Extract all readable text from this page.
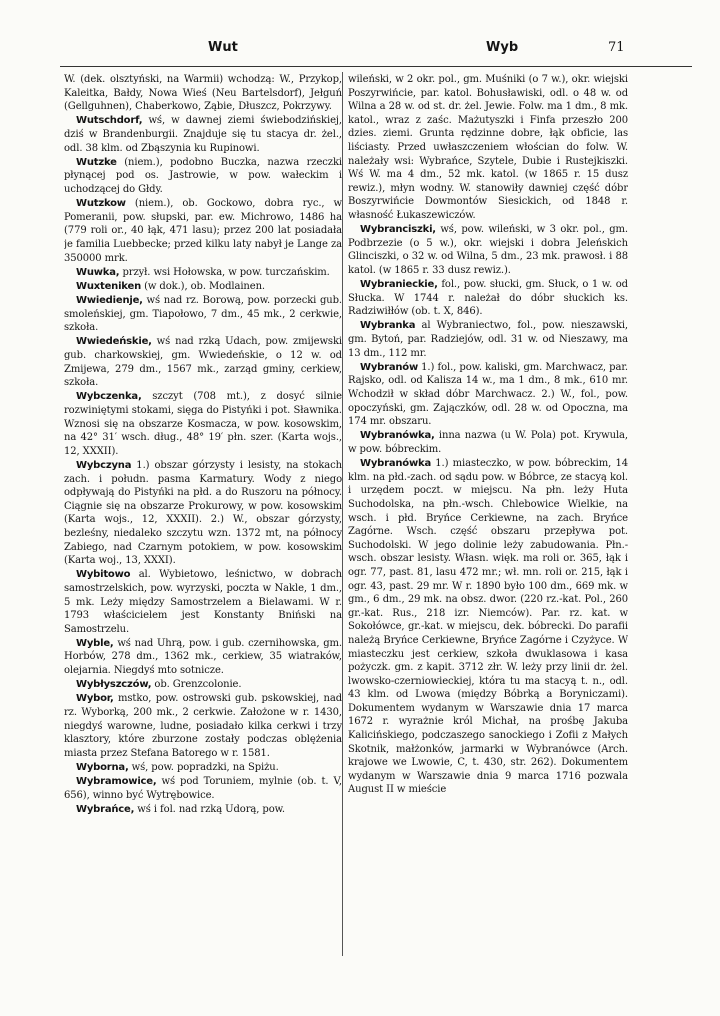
Wut	Wyb	71

W. (dek. olsztyński, na Warmii) wchodzą: W., Przykop, Kaleitka, Bałdy, Nowa Wieś (Neu Bartelsdorf), Jełguń (Gellguhnen), Chaberkowo, Ząbie, Dłuszcz, Pokrzywy.

Wutschdorf, wś, w dawnej ziemi świebodzińskiej, dziś w Brandenburgii. Znajduje się tu stacya dr. żel., odl. 38 klm. od Zbąszynia ku Rupinowi.

Wutzke (niem.), podobno Buczka, nazwa rzeczki płynącej pod os. Jastrowie, w pow. wałeckim i uchodzącej do Głdy.

Wutzkow (niem.), ob. Gockowo, dobra ryc., w Pomeranii, pow. słupski, par. ew. Michrowo, 1486 ha (779 roli or., 40 łąk, 471 lasu); przez 200 lat posiadała je familia Luebbecke; przed kilku laty nabył je Lange za 350000 mrk.

Wuwka, przył. wsi Hołowska, w pow. turczańskim.

Wuxteniken (w dok.), ob. Modlainen.

Wwiedienje, wś nad rz. Borową, pow. porzecki gub. smoleńskiej, gm. Tiapołowo, 7 dm., 45 mk., 2 cerkwie, szkoła.

Wwiedeńskie, wś nad rzką Udach, pow. zmijewski gub. charkowskiej, gm. Wwiedeńskie, o 12 w. od Zmijewa, 279 dm., 1567 mk., zarząd gminy, cerkiew, szkoła.

Wybczenka, szczyt (708 mt.), z dosyć silnie rozwiniętymi stokami, sięga do Pistyńki i pot. Sławnika. Wznosi się na obszarze Kosmacza, w pow. kosowskim, na 42° 31′ wsch. dług., 48° 19′ płn. szer. (Karta wojs., 12, XXXII).

Wybczyna 1.) obszar górzysty i lesisty, na stokach zach. i połudn. pasma Karmatury. Wody z niego odpływają do Pistyńki na płd. a do Ruszoru na północy. Ciągnie się na obszarze Prokurowy, w pow. kosowskim (Karta wojs., 12, XXXII). 2.) W., obszar górzysty, bezleśny, niedaleko szczytu wzn. 1372 mt, na północy Zabiego, nad Czarnym potokiem, w pow. kosowskim (Karta woj., 13, XXXI).

Wybitowo al. Wybietowo, leśnictwo, w dobrach samostrzelskich, pow. wyrzyski, poczta w Nakle, 1 dm., 5 mk. Leży między Samostrzelem a Bielawami. W r. 1793 właścicielem jest Konstanty Bniński na Samostrzelu.

Wyble, wś nad Uhrą, pow. i gub. czernihowska, gm. Horbów, 278 dm., 1362 mk., cerkiew, 35 wiatraków, olejarnia. Niegdyś mto sotnicze.

Wybłyszczów, ob. Grenzcolonie.

Wybor, mstko, pow. ostrowski gub. pskowskiej, nad rz. Wyborką, 200 mk., 2 cerkwie. Założone w r. 1430, niegdyś warowne, ludne, posiadało kilka cerkwi i trzy klasztory, które zburzone zostały podczas oblężenia miasta przez Stefana Batorego w r. 1581.

Wyborna, wś, pow. popradzki, na Spiżu.

Wybramowice, wś pod Toruniem, mylnie (ob. t. V, 656), winno być Wytrębowice.

Wybrańce, wś i fol. nad rzką Udorą, pow.

wileński, w 2 okr. pol., gm. Muśniki (o 7 w.), okr. wiejski Poszyrwińcie, par. katol. Bohusławiski, odl. o 48 w. od Wilna a 28 w. od st. dr. żel. Jewie. Folw. ma 1 dm., 8 mk. katol., wraz z zaśc. Mażutyszki i Finfa przeszło 200 dzies. ziemi. Grunta rędzinne dobre, łąk obficie, las liściasty. Przed uwłaszczeniem włościan do folw. W. należały wsi: Wybrańce, Szytele, Dubie i Rustejkiszki. Wś W. ma 4 dm., 52 mk. katol. (w 1865 r. 15 dusz rewiz.), młyn wodny. W. stanowiły dawniej część dóbr Boszyrwińcie Dowmontów Siesickich, od 1848 r. własność Łukaszewiczów.

Wybranciszki, wś, pow. wileński, w 3 okr. pol., gm. Podbrzezie (o 5 w.), okr. wiejski i dobra Jeleńskich Glinciszki, o 32 w. od Wilna, 5 dm., 23 mk. prawosł. i 88 katol. (w 1865 r. 33 dusz rewiz.).

Wybranieckie, fol., pow. słucki, gm. Słuck, o 1 w. od Słucka. W 1744 r. należał do dóbr słuckich ks. Radziwiłłów (ob. t. X, 846).

Wybranka al Wybraniectwo, fol., pow. nieszawski, gm. Bytoń, par. Radziejów, odl. 31 w. od Nieszawy, ma 13 dm., 112 mr.

Wybranów 1.) fol., pow. kaliski, gm. Marchwacz, par. Rajsko, odl. od Kalisza 14 w., ma 1 dm., 8 mk., 610 mr. Wchodził w skład dóbr Marchwacz. 2.) W., fol., pow. opoczyński, gm. Zajączków, odl. 28 w. od Opoczna, ma 174 mr. obszaru.

Wybranówka, inna nazwa (u W. Pola) pot. Krywula, w pow. bóbreckim.

Wybranówka 1.) miasteczko, w pow. bóbreckim, 14 klm. na płd.-zach. od sądu pow. w Bóbrce, ze stacyą kol. i urzędem poczt. w miejscu. Na płn. leży Huta Suchodolska, na płn.-wsch. Chlebowice Wielkie, na wsch. i płd. Bryńce Cerkiewne, na zach. Bryńce Zagórne. Wsch. część obszaru przepływa pot. Suchodolski. W jego dolinie leży zabudowania. Płn.-wsch. obszar lesisty. Własn. więk. ma roli or. 365, łąk i ogr. 77, past. 81, lasu 472 mr.; wł. mn. roli or. 215, łąk i ogr. 43, past. 29 mr. W r. 1890 było 100 dm., 669 mk. w gm., 6 dm., 29 mk. na obsz. dwor. (220 rz.-kat. Pol., 260 gr.-kat. Rus., 218 izr. Niemców). Par. rz. kat. w Sokołówce, gr.-kat. w miejscu, dek. bóbrecki. Do parafii należą Bryńce Cerkiewne, Bryńce Zagórne i Czyżyce. W miasteczku jest cerkiew, szkoła dwuklasowa i kasa pożyczk. gm. z kapit. 3712 złr. W. leży przy linii dr. żel. lwowsko-czerniowieckiej, która tu ma stacyą t. n., odl. 43 klm. od Lwowa (między Bóbrką a Boryniczami). Dokumentem wydanym w Warszawie dnia 17 marca 1672 r. wyrażnie król Michał, na prośbę Jakuba Kalicińskiego, podczaszego sanockiego i Zofii z Małych Skotnik, małżonków, jarmarki w Wybranówce (Arch. krajowe we Lwowie, C, t. 430, str. 262). Dokumentem wydanym w Warszawie dnia 9 marca 1716 pozwala August II w mieście
